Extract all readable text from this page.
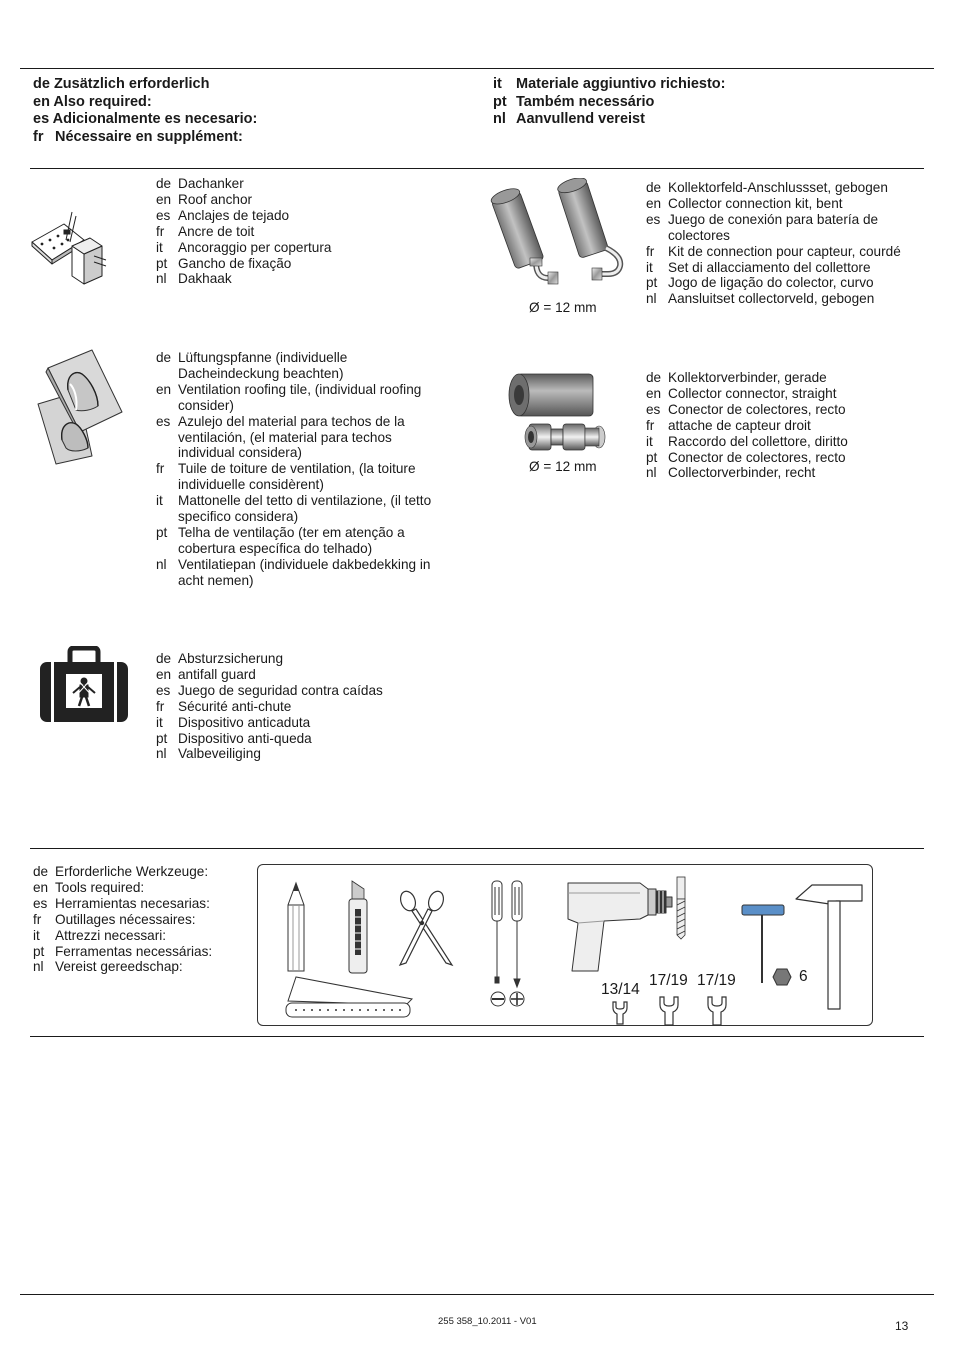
de Zusätzlich erforderlich
en Also required:
es Adicionalmente es necesario:
fr Nécessaire en supplément:
it Materiale aggiuntivo richiesto:
pt Também necessário
nl Aanvullend vereist
de Dachanker
en Roof anchor
es Anclajes de tejado
fr	Ancre de toit
it	Ancoraggio per copertura
pt Gancho de fixação
nl Dakhaak
de Lüftungspfanne (individuelle Dacheindeckung beachten)
en Ventilation roofing tile, (individual roofing consider)
es Azulejo del material para techos de la ventilación, (el material para techos individual considera)
fr	Tuile de toiture de ventilation, (la toiture individuelle considèrent)
it	Mattonelle del tetto di ventilazione, (il tetto specifico considera)
pt Telha de ventilação (ter em atenção a cobertura específica do telhado)
nl Ventilatiepan (individuele dakbedekking in acht nemen)
de Absturzsicherung
en antifall guard
es Juego de seguridad contra caídas
fr	Sécurité anti-chute
it	Dispositivo anticaduta
pt Dispositivo anti-queda
nl Valbeveiliging
Ø = 12 mm
de Kollektorfeld-Anschlussset, gebogen
en Collector connection kit, bent
es Juego de conexión para batería de colectores
fr	Kit de connection pour capteur, courdé
it	Set di allacciamento del collettore
pt Jogo de ligação do colector, curvo
nl Aansluitset collectorveld, gebogen
Ø = 12 mm
de Kollektorverbinder, gerade
en Collector connector, straight
es Conector de colectores, recto
fr	attache de capteur droit
it	Raccordo del collettore, diritto
pt Conector de colectores, recto
nl Collectorverbinder, recht
de Erforderliche Werkzeuge:
en Tools required:
es Herramientas necesarias:
fr	Outillages nécessaires:
it	Attrezzi necessari:
pt Ferramentas necessárias:
nl Vereist gereedschap:
13/14
17/19 17/19	6
255 358_10.2011 - V01	13
